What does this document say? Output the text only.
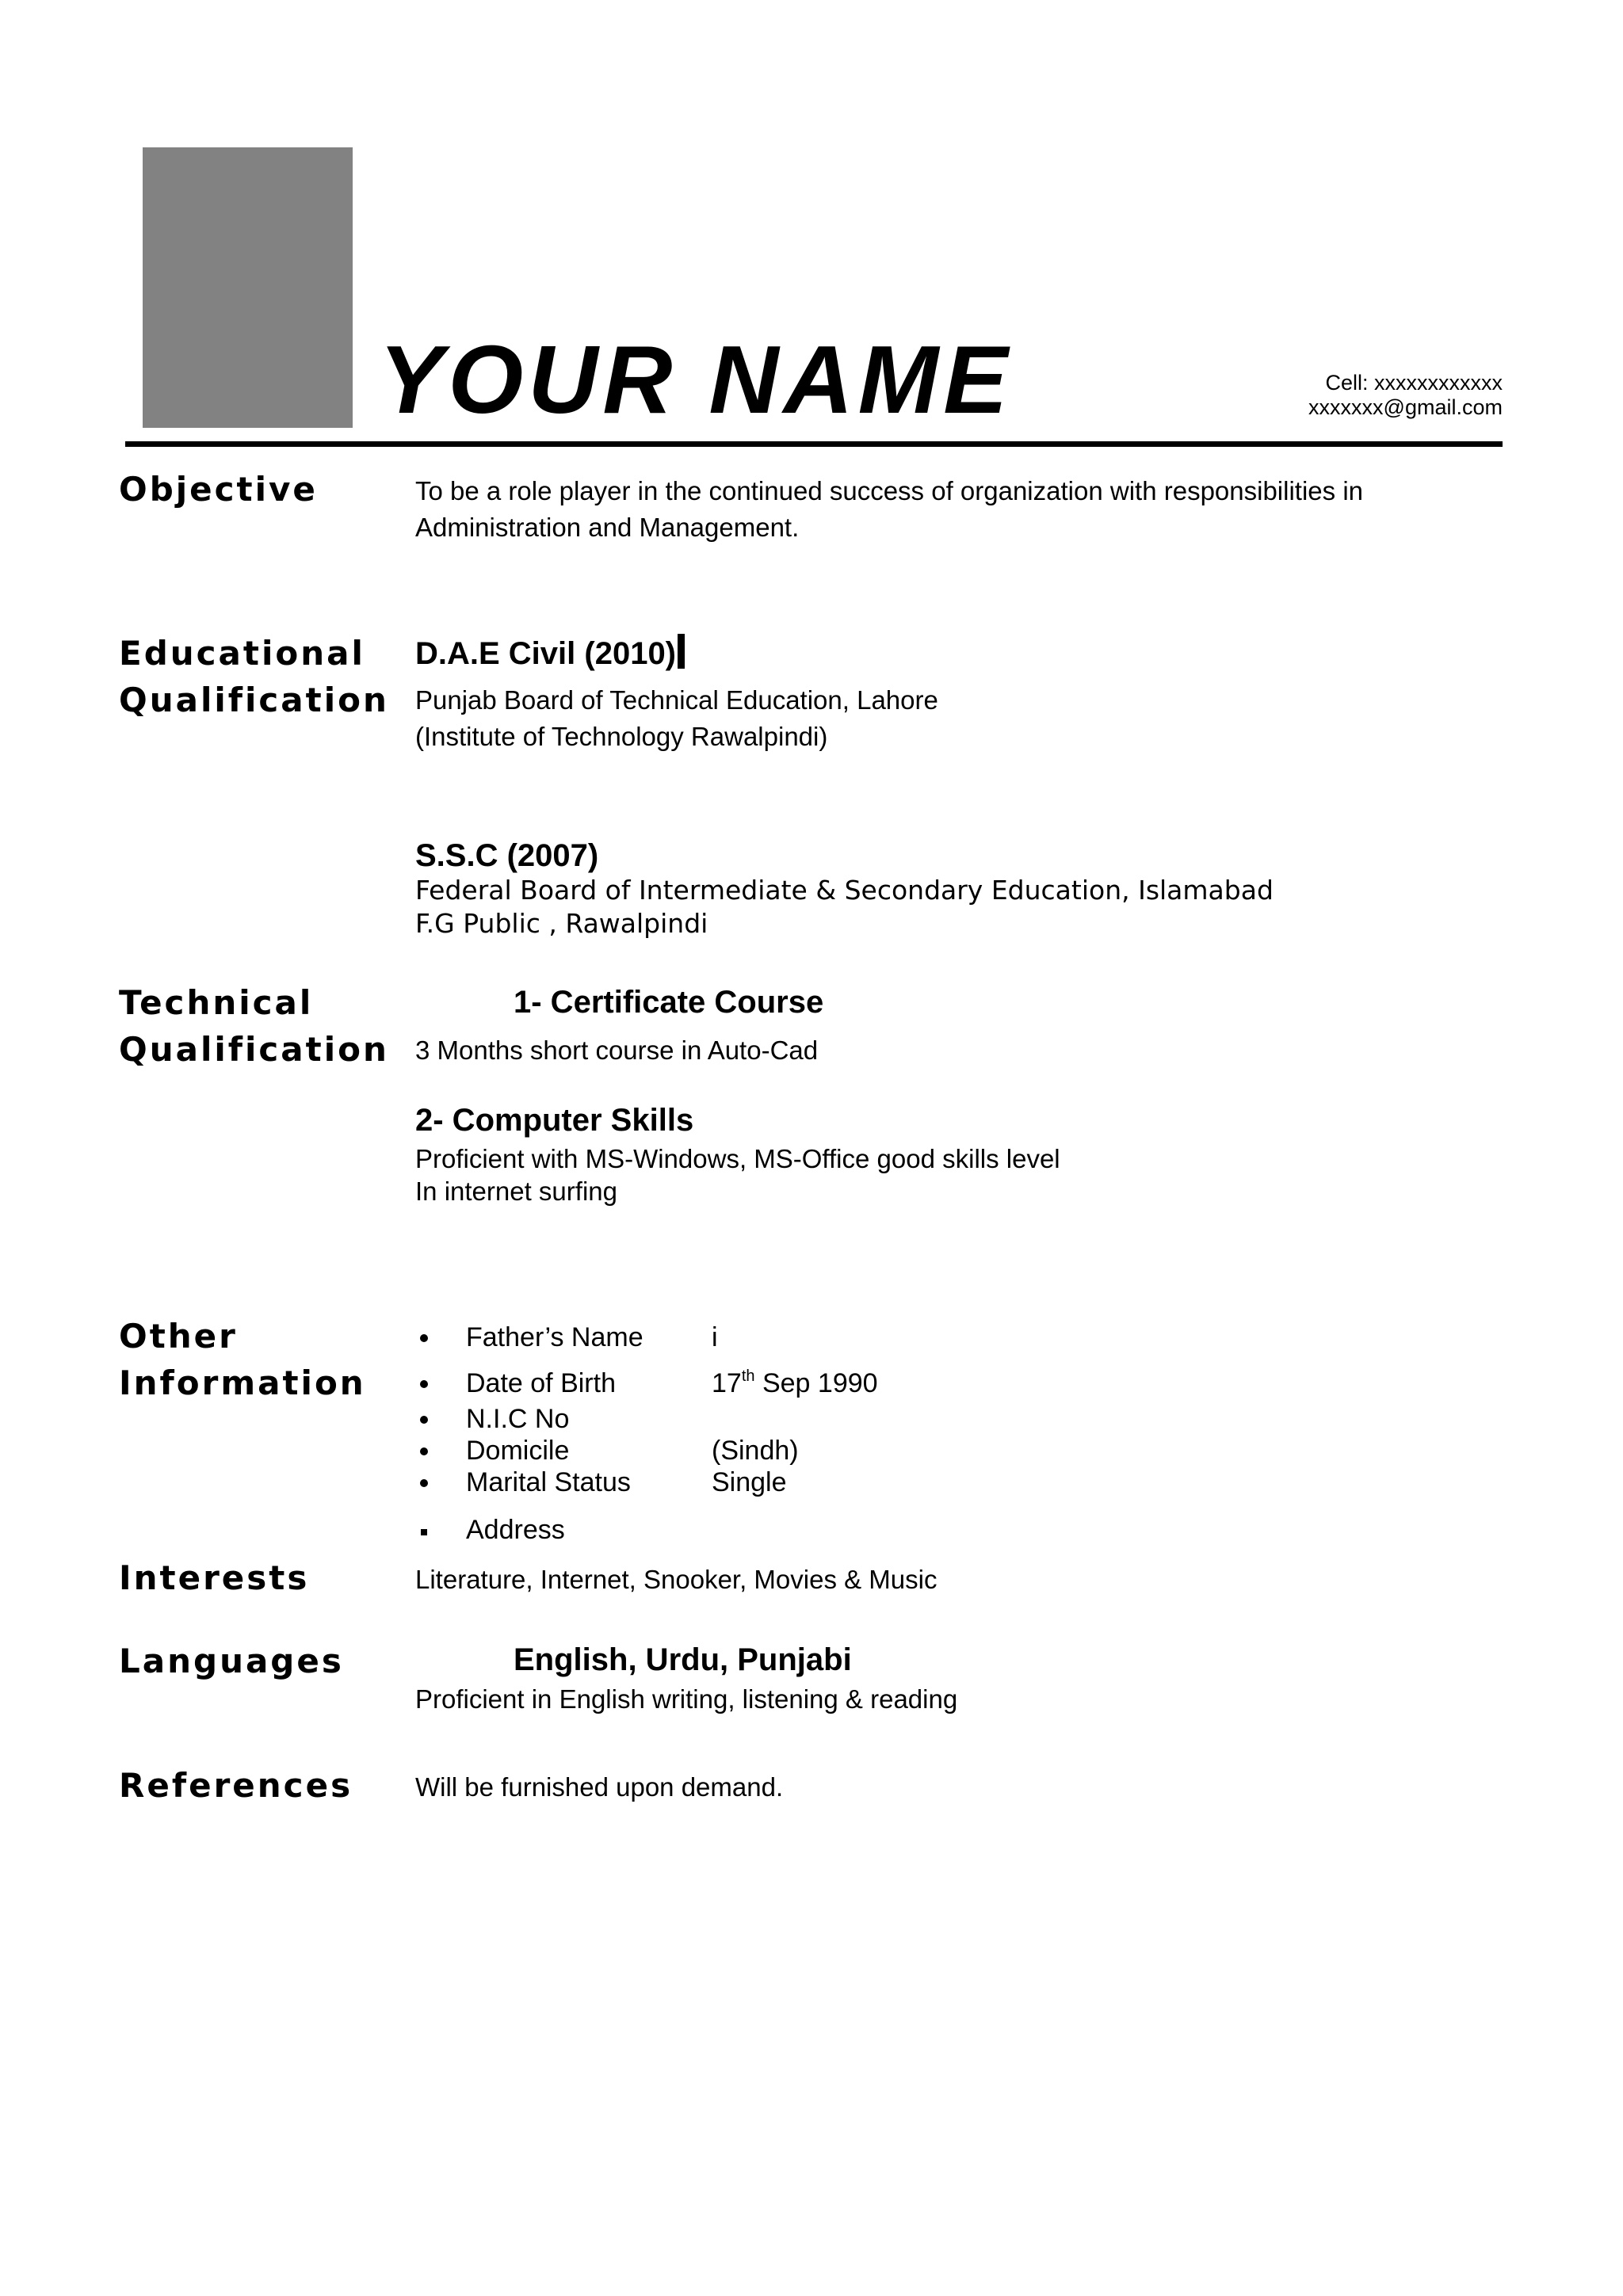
YOUR NAME	Cell: xxxxxxxxxxxx
xxxxxxx@gmail.com
Objective	To be a role player in the continued success of organization with responsibilities in
Administration and Management.
Educational
Qualification
D.A.E Civil (2010)
Punjab Board of Technical Education, Lahore
(Institute of Technology Rawalpindi)
S.S.C (2007)
Federal Board of Intermediate & Secondary Education, Islamabad
F.G Public , Rawalpindi
Technical
Qualification
1- Certificate Course
3 Months short course in Auto-Cad
2- Computer Skills
Proficient with MS-Windows, MS-Office good skills level
In internet surfing
Other
Information
Father’s Name	i
Date of Birth	17th Sep 1990
N.I.C No
Domicile	(Sindh)
Marital Status	Single
Address
Interests	Literature, Internet, Snooker, Movies & Music
Languages	English, Urdu, Punjabi
Proficient in English writing, listening & reading
References Will be furnished upon demand.
